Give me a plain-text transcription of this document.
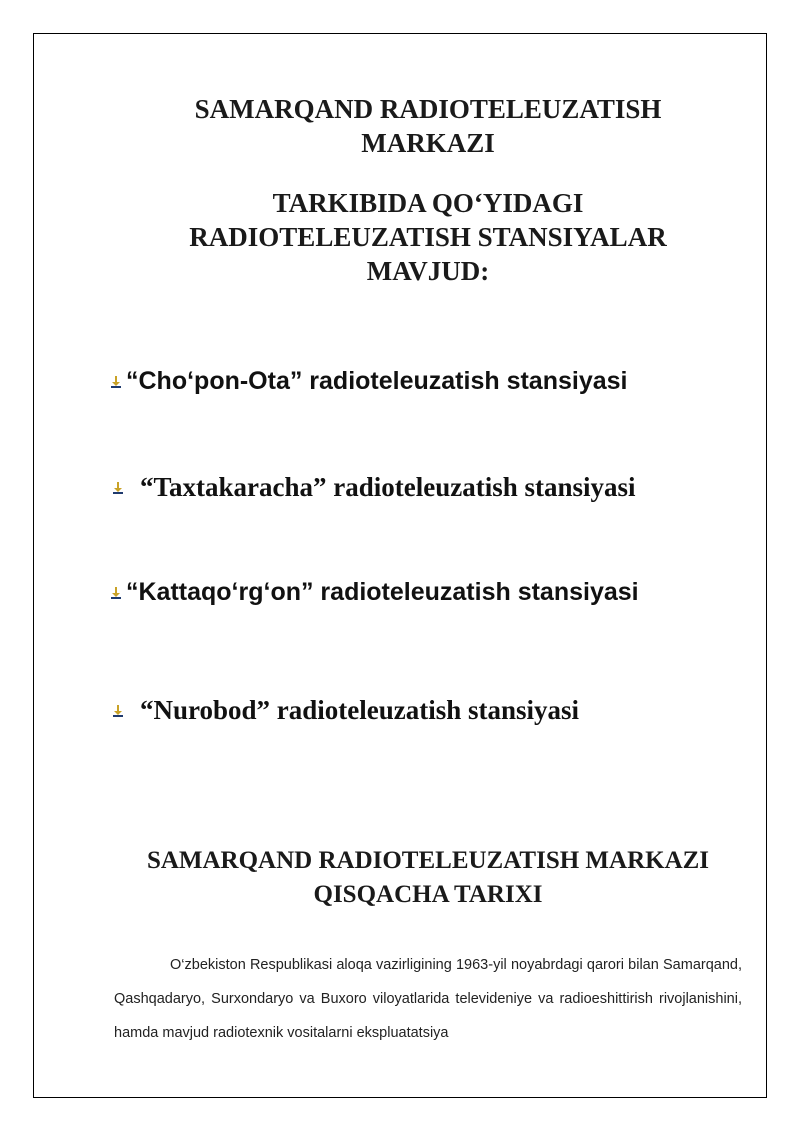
SAMARQAND RADIOTELEUZATISH
MARKAZI
TARKIBIDA QO‘YIDAGI
RADIOTELEUZATISH STANSIYALAR
MAVJUD:
“Cho‘pon-Ota” radioteleuzatish stansiyasi
“Taxtakaracha” radioteleuzatish stansiyasi
“Kattaqo‘rg‘on” radioteleuzatish stansiyasi
“Nurobod” radioteleuzatish stansiyasi
SAMARQAND RADIOTELEUZATISH MARKAZI
QISQACHA TARIXI
O‘zbekiston Respublikasi aloqa vazirligining 1963-yil noyabrdagi qarori bilan Samarqand, Qashqadaryo, Surxondaryo va Buxoro viloyatlarida televideniye va radioeshittirish rivojlanishini, hamda mavjud radiotexnik vositalarni ekspluatatsiya
